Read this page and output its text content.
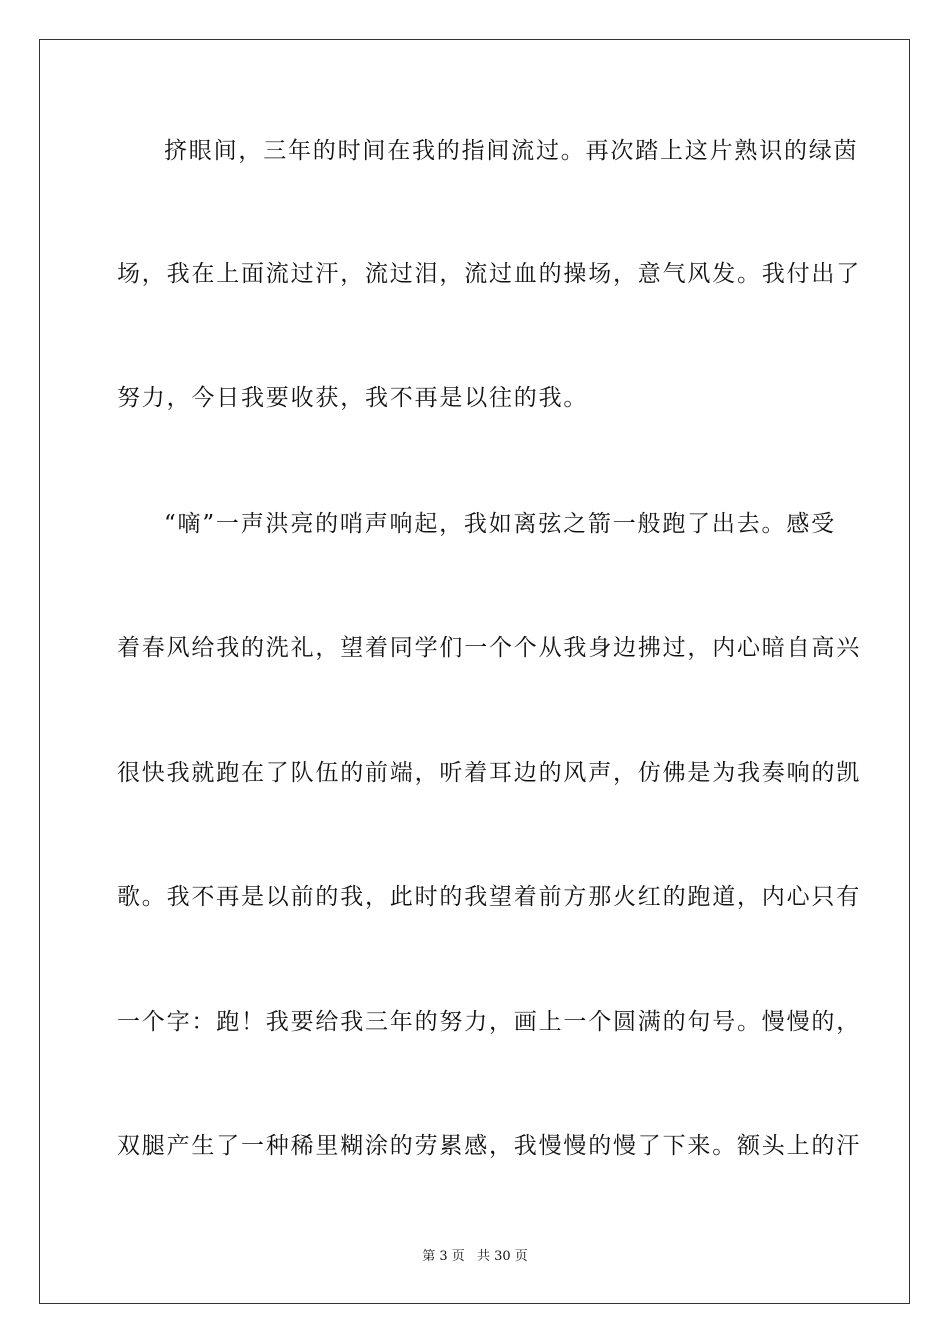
挤眼间，三年的时间在我的指间流过。再次踏上这片熟识的绿茵
场，我在上面流过汗，流过泪，流过血的操场，意气风发。我付出了
努力，今日我要收获，我不再是以往的我。
“嘀”一声洪亮的哨声响起，我如离弦之箭一般跑了出去。感受
着春风给我的洗礼，望着同学们一个个从我身边拂过，内心暗自高兴
很快我就跑在了队伍的前端，听着耳边的风声，仿佛是为我奏响的凯
歌。我不再是以前的我，此时的我望着前方那火红的跑道，内心只有
一个字：跑！我要给我三年的努力，画上一个圆满的句号。慢慢的，
双腿产生了一种稀里糊涂的劳累感，我慢慢的慢了下来。额头上的汗
第 3 页 共 30 页
